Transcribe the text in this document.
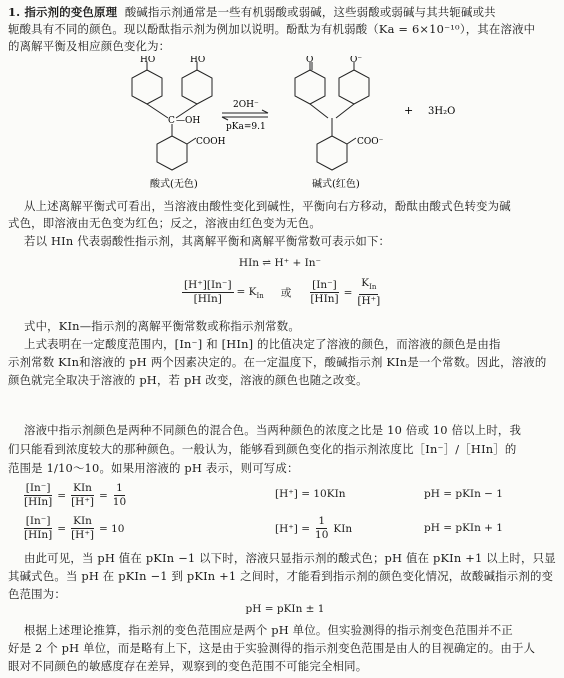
1. 指示剂的变色原理 酸碱指示剂通常是一些有机弱酸或弱碱，这些弱酸或弱碱与其共轭碱或共
轭酸具有不同的颜色。现以酚酞指示剂为例加以说明。酚酞为有机弱酸（Ka = 6×10⁻¹⁰），其在溶液中
的离解平衡及相应颜色变化为：
HO	HO
C —OH
COOH
酸式(无色)
2OH⁻
pKa=9.1
O	O⁻
COO⁻
碱式(红色)
+ 3H₂O
从上述离解平衡式可看出，当溶液由酸性变化到碱性，平衡向右方移动，酚酞由酸式色转变为碱
式色，即溶液由无色变为红色；反之，溶液由红色变为无色。
若以 HIn 代表弱酸性指示剂，其离解平衡和离解平衡常数可表示如下：
HIn ⇌ H⁺ + In⁻
$\frac{[H^+][In^-]}{\text{[HIn]}} = K_{In}$ 或 $\frac{[In^-]}{\text{[HIn]}} = \frac{K_{In}}{[H^+]}$
式中，KIn—指示剂的离解平衡常数或称指示剂常数。
上式表明在一定酸度范围内，[In⁻] 和 [HIn] 的比值决定了溶液的颜色，而溶液的颜色是由指
示剂常数 KIn和溶液的 pH 两个因素决定的。在一定温度下，酸碱指示剂 KIn是一个常数。因此，溶液的
颜色就完全取决于溶液的 pH，若 pH 改变，溶液的颜色也随之改变。
溶液中指示剂颜色是两种不同颜色的混合色。当两种颜色的浓度之比是 10 倍或 10 倍以上时，我
们只能看到浓度较大的那种颜色。一般认为，能够看到颜色变化的指示剂浓度比［In⁻］/［HIn］的
范围是 1/10～10。如果用溶液的 pH 表示，则可写成：
$\frac{[In^-]}{\text{[HIn]}} = \frac{\text{KIn}}{[H^+]} = \frac{1}{10}$	[H⁺] = 10KIn	pH = pKIn − 1
$\frac{[In^-]}{\text{[HIn]}} = \frac{\text{KIn}}{[H^+]} = 10$	$[H^+] = \frac{1}{10}$ KIn	pH = pKIn + 1
由此可见，当 pH 值在 pKIn −1 以下时，溶液只显指示剂的酸式色；pH 值在 pKIn +1 以上时，只显
其碱式色。当 pH 在 pKIn −1 到 pKIn +1 之间时，才能看到指示剂的颜色变化情况，故酸碱指示剂的变
色范围为：
pH = pKIn ± 1
根据上述理论推算，指示剂的变色范围应是两个 pH 单位。但实验测得的指示剂变色范围并不正
好是 2 个 pH 单位，而是略有上下，这是由于实验测得的指示剂变色范围是由人的目视确定的。由于人
眼对不同颜色的敏感度存在差异，观察到的变色范围不可能完全相同。
